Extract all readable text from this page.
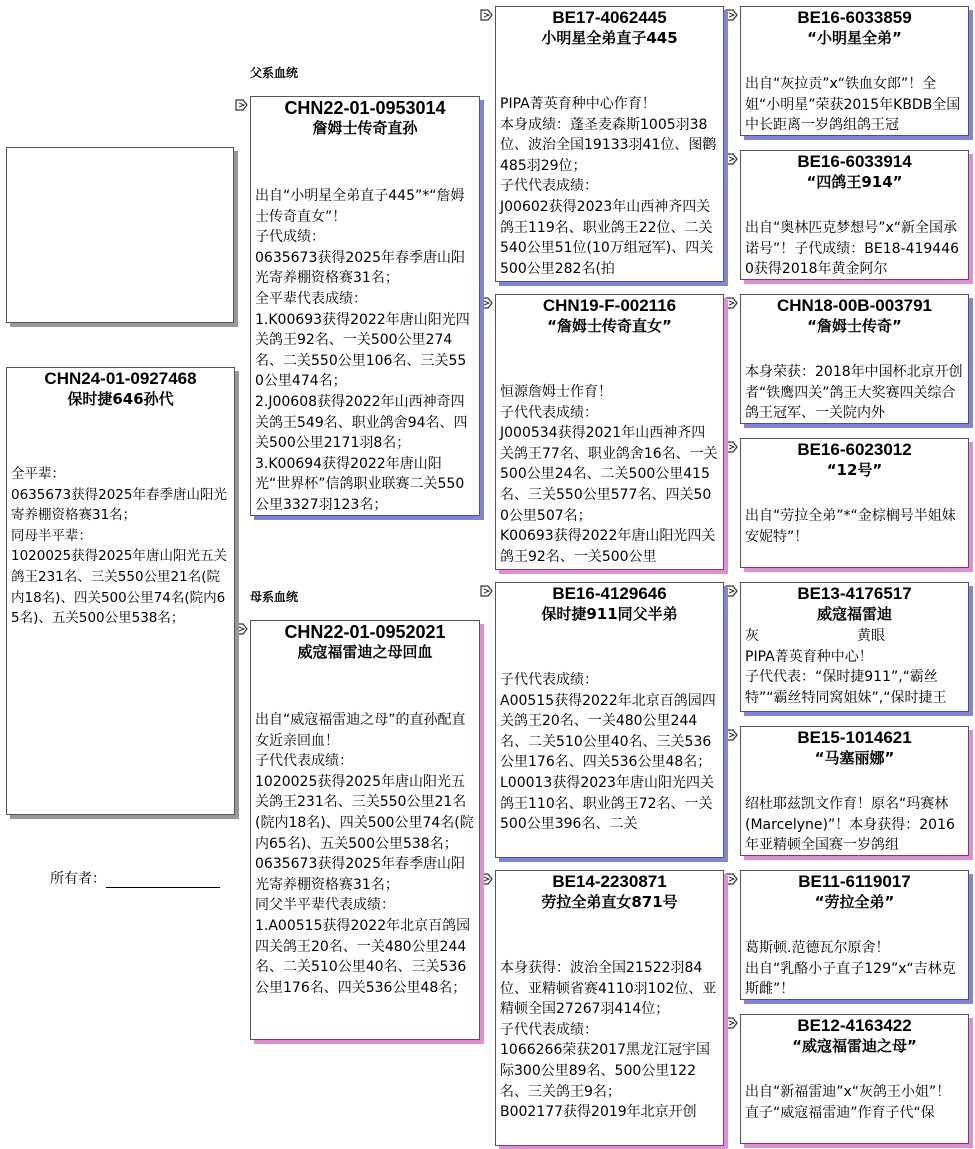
父系血统
母系血统
所有者：
CHN24-01-0927468
保时捷646孙代
全平辈：
0635673获得2025年春季唐山阳光寄养棚资格赛31名；
同母半平辈：
1020025获得2025年唐山阳光五关鸽王231名、三关550公里21名(院内18名)、四关500公里74名(院内65名)、五关500公里538名；
CHN22-01-0953014
詹姆士传奇直孙
出自“小明星全弟直子445”*“詹姆士传奇直女”！
子代成绩：
0635673获得2025年春季唐山阳光寄养棚资格赛31名；
全平辈代表成绩：
1.K00693获得2022年唐山阳光四关鸽王92名、一关500公里274名、二关550公里106名、三关550公里474名；
2.J00608获得2022年山西神奇四关鸽王549名、职业鸽舍94名、四关500公里2171羽8名；
3.K00694获得2022年唐山阳光“世界杯”信鸽职业联赛二关550公里3327羽123名；
CHN22-01-0952021
威寇福雷迪之母回血
出自“威寇福雷迪之母”的直孙配直女近亲回血！
子代代表成绩：
1020025获得2025年唐山阳光五关鸽王231名、三关550公里21名(院内18名)、四关500公里74名(院内65名)、五关500公里538名；
0635673获得2025年春季唐山阳光寄养棚资格赛31名；
同父半平辈代表成绩：
1.A00515获得2022年北京百鸽园四关鸽王20名、一关480公里244名、二关510公里40名、三关536公里176名、四关536公里48名；
BE17-4062445
小明星全弟直子445
PIPA菁英育种中心作育！
本身成绩：蓬圣麦森斯1005羽38位、波治全国19133羽41位、图鹳485羽29位；
子代代表成绩：
J00602获得2023年山西神齐四关鸽王119名、职业鸽王22位、二关540公里51位(10万组冠军)、四关500公里282名(拍
CHN19-F-002116
“詹姆士传奇直女”
恒源詹姆士作育！
子代代表成绩：
J000534获得2021年山西神齐四关鸽王77名、职业鸽舍16名、一关500公里24名、二关500公里415名、三关550公里577名、四关500公里507名；
K00693获得2022年唐山阳光四关鸽王92名、一关500公里
BE16-4129646
保时捷911同父半弟
子代代表成绩：
A00515获得2022年北京百鸽园四关鸽王20名、一关480公里244名、二关510公里40名、三关536公里176名、四关536公里48名；
L00013获得2023年唐山阳光四关鸽王110名、职业鸽王72名、一关500公里396名、二关
BE14-2230871
劳拉全弟直女871号
本身获得：波治全国21522羽84位、亚精顿省赛4110羽102位、亚精顿全国27267羽414位；
子代代表成绩：
1066266荣获2017黑龙江冠宇国际300公里89名、500公里122名、三关鸽王9名；
B002177获得2019年北京开创
BE16-6033859
“小明星全弟”
出自“灰拉贡”x“铁血女郎”！全姐“小明星”荣获2015年KBDB全国中长距离一岁鸽组鸽王冠
BE16-6033914
“四鸽王914”
出自“奥林匹克梦想号”x“新全国承诺号”！子代成绩：BE18-4194460获得2018年黄金阿尔
CHN18-00B-003791
“詹姆士传奇”
本身荣获：2018年中国杯北京开创者“铁鹰四关”鸽王大奖赛四关综合鸽王冠军、一关院内外
BE16-6023012
“12号”
出自“劳拉全弟”*“金棕榈号半姐妹安妮特”！
BE13-4176517
威寇福雷迪
灰　　　　　　　黄眼
PIPA菁英育种中心！
子代代表：“保时捷911”,“霸丝特”“霸丝特同窝姐妹”,“保时捷王
BE15-1014621
“马塞丽娜”
绍杜耶兹凯文作育！原名“玛赛林(Marcelyne)”！本身获得：2016年亚精顿全国赛一岁鸽组
BE11-6119017
“劳拉全弟”
葛斯顿.范德瓦尔原舍！
出自“乳酪小子直子129”x“吉林克斯雌”！
BE12-4163422
“威寇福雷迪之母”
出自“新福雷迪”x“灰鸽王小姐”！
直子“威寇福雷迪”作育子代“保
